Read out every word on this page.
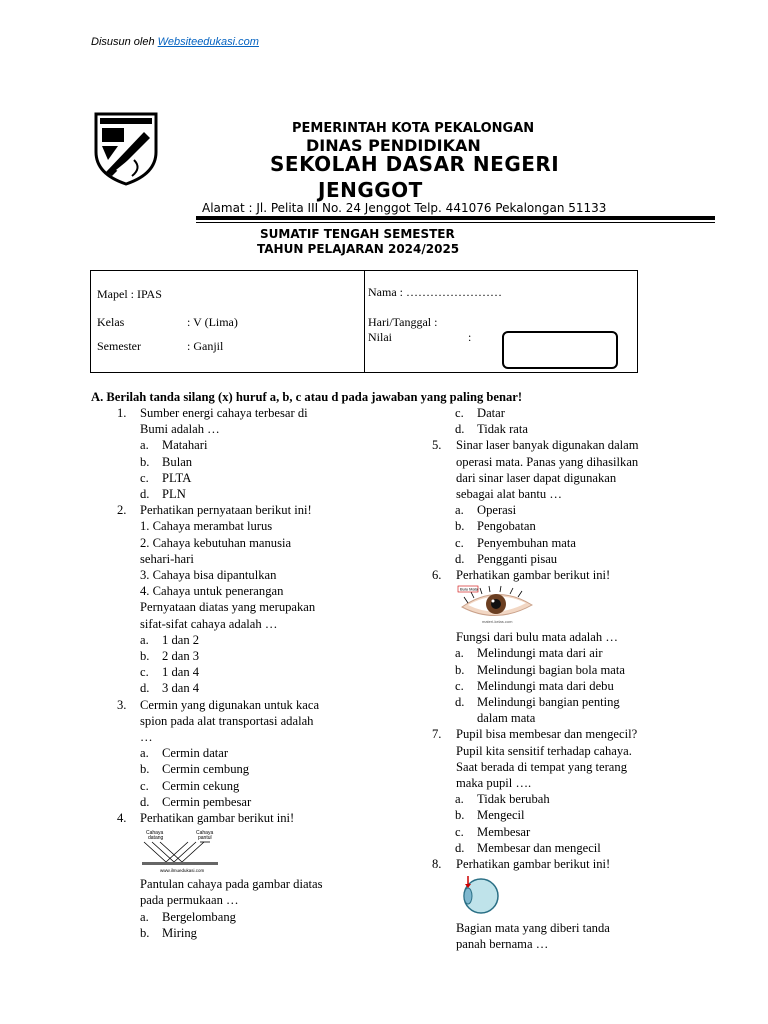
Disusun oleh Websiteedukasi.com
PEMERINTAH KOTA PEKALONGAN
DINAS PENDIDIKAN
SEKOLAH DASAR NEGERI
JENGGOT
Alamat : Jl. Pelita III No. 24 Jenggot Telp. 441076 Pekalongan 51133
SUMATIF TENGAH SEMESTER
TAHUN PELAJARAN 2024/2025
Mapel : IPAS
Kelas	: V (Lima)
Semester	: Ganjil
Nama : ……………………
Hari/Tanggal :
Nilai	:
A. Berilah tanda silang (x) huruf a, b, c atau d pada jawaban yang paling benar!
1. Sumber energi cahaya terbesar di
Bumi adalah …
a. Matahari
b. Bulan
c. PLTA
d. PLN
2. Perhatikan pernyataan berikut ini!
1. Cahaya merambat lurus
2. Cahaya kebutuhan manusia
sehari-hari
3. Cahaya bisa dipantulkan
4. Cahaya untuk penerangan
Pernyataan diatas yang merupakan
sifat-sifat cahaya adalah …
a. 1 dan 2
b. 2 dan 3
c. 1 dan 4
d. 3 dan 4
3. Cermin yang digunakan untuk kaca
spion pada alat transportasi adalah
…
a. Cermin datar
b. Cermin cembung
c. Cermin cekung
d. Cermin pembesar
4. Perhatikan gambar berikut ini!
Cahaya
datang
Cahaya
pantul
www.ilmuedukasi.com
Pantulan cahaya pada gambar diatas
pada permukaan …
a. Bergelombang
b. Miring
c. Datar
d. Tidak rata
5. Sinar laser banyak digunakan dalam
operasi mata. Panas yang dihasilkan
dari sinar laser dapat digunakan
sebagai alat bantu …
a. Operasi
b. Pengobatan
c. Penyembuhan mata
d. Pengganti pisau
6. Perhatikan gambar berikut ini!
Bulu Mata
materi-kelas.com
Fungsi dari bulu mata adalah …
a. Melindungi mata dari air
b. Melindungi bagian bola mata
c. Melindungi mata dari debu
d. Melindungi bangian penting
dalam mata
7. Pupil bisa membesar dan mengecil?
Pupil kita sensitif terhadap cahaya.
Saat berada di tempat yang terang
maka pupil ….
a. Tidak berubah
b. Mengecil
c. Membesar
d. Membesar dan mengecil
8. Perhatikan gambar berikut ini!
Bagian mata yang diberi tanda
panah bernama …
